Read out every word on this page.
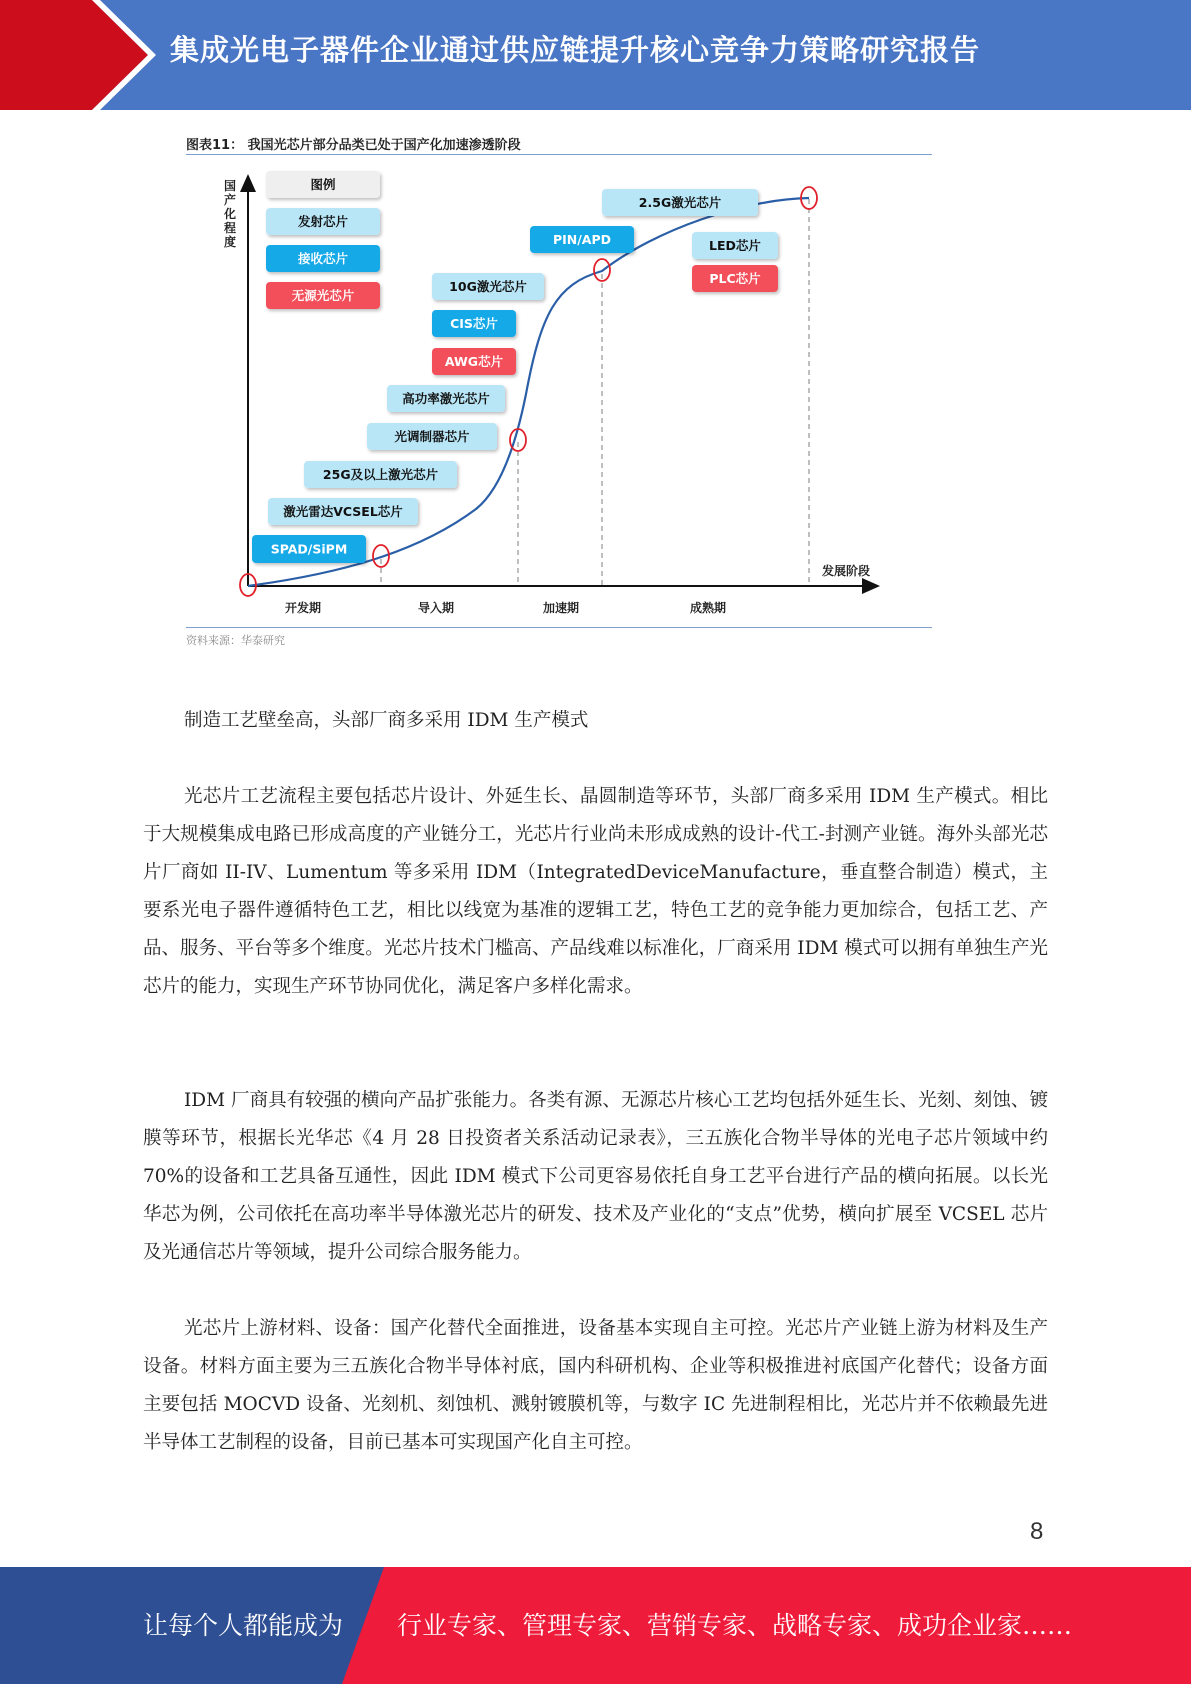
集成光电子器件企业通过供应链提升核心竞争力策略研究报告
图表11： 我国光芯片部分品类已处于国产化加速渗透阶段
国
产
化
程
度
发展阶段
开发期	导入期	加速期	成熟期
图例
发射芯片
接收芯片
无源光芯片
SPAD/SiPM
激光雷达VCSEL芯片
25G及以上激光芯片
光调制器芯片
高功率激光芯片
AWG芯片
CIS芯片
10G激光芯片
PIN/APD
2.5G激光芯片
LED芯片
PLC芯片
资料来源：华泰研究

制造工艺壁垒高，头部厂商多采用 IDM 生产模式

光芯片工艺流程主要包括芯片设计、外延生长、晶圆制造等环节，头部厂商多采用 IDM 生产模式。相比于大规模集成电路已形成高度的产业链分工，光芯片行业尚未形成成熟的设计-代工-封测产业链。海外头部光芯片厂商如 II-IV、Lumentum 等多采用 IDM（IntegratedDeviceManufacture，垂直整合制造）模式，主要系光电子器件遵循特色工艺，相比以线宽为基准的逻辑工艺，特色工艺的竞争能力更加综合，包括工艺、产品、服务、平台等多个维度。光芯片技术门槛高、产品线难以标准化，厂商采用 IDM 模式可以拥有单独生产光芯片的能力，实现生产环节协同优化，满足客户多样化需求。

IDM 厂商具有较强的横向产品扩张能力。各类有源、无源芯片核心工艺均包括外延生长、光刻、刻蚀、镀膜等环节，根据长光华芯《4 月 28 日投资者关系活动记录表》，三五族化合物半导体的光电子芯片领域中约 70%的设备和工艺具备互通性，因此 IDM 模式下公司更容易依托自身工艺平台进行产品的横向拓展。以长光华芯为例，公司依托在高功率半导体激光芯片的研发、技术及产业化的“支点”优势，横向扩展至 VCSEL 芯片及光通信芯片等领域，提升公司综合服务能力。

光芯片上游材料、设备：国产化替代全面推进，设备基本实现自主可控。光芯片产业链上游为材料及生产设备。材料方面主要为三五族化合物半导体衬底，国内科研机构、企业等积极推进衬底国产化替代；设备方面主要包括 MOCVD 设备、光刻机、刻蚀机、溅射镀膜机等，与数字 IC 先进制程相比，光芯片并不依赖最先进半导体工艺制程的设备，目前已基本可实现国产化自主可控。

8
让每个人都能成为 行业专家、管理专家、营销专家、战略专家、成功企业家……
